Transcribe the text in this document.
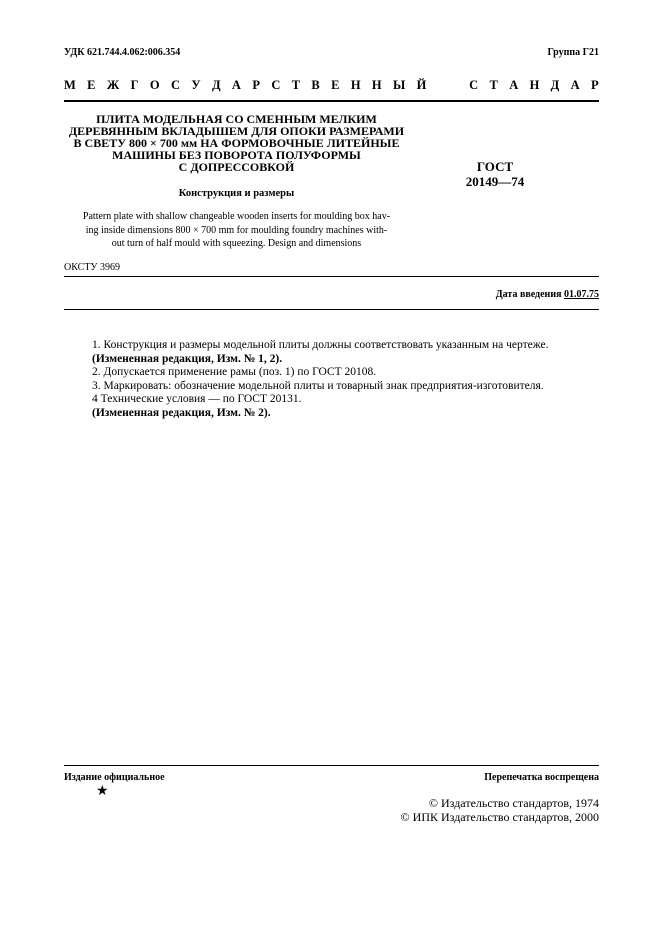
УДК 621.744.4.062:006.354	Группа Г21
М Е Ж Г О С У Д А Р С Т В Е Н Н Ы Й	С Т А Н Д А Р
ПЛИТА МОДЕЛЬНАЯ СО СМЕННЫМ МЕЛКИМ
ДЕРЕВЯННЫМ ВКЛАДЫШЕМ ДЛЯ ОПОКИ РАЗМЕРАМИ
В СВЕТУ 800 × 700 мм НА ФОРМОВОЧНЫЕ ЛИТЕЙНЫЕ
МАШИНЫ БЕЗ ПОВОРОТА ПОЛУФОРМЫ
С ДОПРЕССОВКОЙ
Конструкция и размеры
Pattern plate with shallow changeable wooden inserts for moulding box hav-
ing inside dimensions 800 × 700 mm for moulding foundry machines with-
out turn of half mould with squeezing. Design and dimensions
ГОСТ
20149—74
ОКСТУ 3969
Дата введения 01.07.75

1. Конструкция и размеры модельной плиты должны соответствовать указанным на чертеже.

(Измененная редакция, Изм. № 1, 2).

2. Допускается применение рамы (поз. 1) по ГОСТ 20108.

3. Маркировать: обозначение модельной плиты и товарный знак предприятия-изготовителя.

4 Технические условия — по ГОСТ 20131.

(Измененная редакция, Изм. № 2).

Издание официальное	Перепечатка воспрещена
★
© Издательство стандартов, 1974
© ИПК Издательство стандартов, 2000
